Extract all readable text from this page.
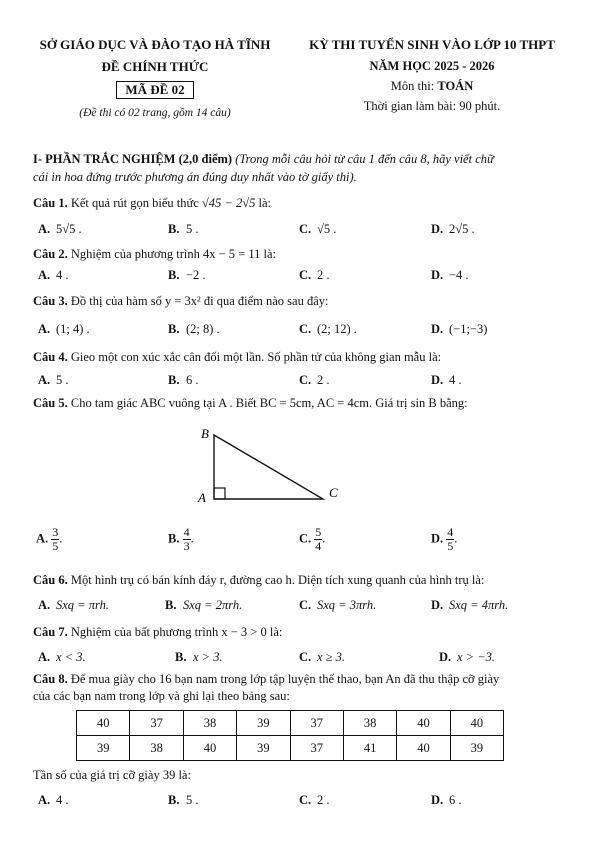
SỞ GIÁO DỤC VÀ ĐÀO TẠO HÀ TĨNH
ĐỀ CHÍNH THỨC
MÃ ĐỀ 02
(Đề thi có 02 trang, gồm 14 câu)
KỲ THI TUYỂN SINH VÀO LỚP 10 THPT
NĂM HỌC 2025 - 2026
Môn thi: TOÁN
Thời gian làm bài: 90 phút.
I- PHẦN TRẮC NGHIỆM (2,0 điểm) (Trong mỗi câu hỏi từ câu 1 đến câu 8, hãy viết chữ
cái in hoa đứng trước phương án đúng duy nhất vào tờ giấy thi).
Câu 1. Kết quả rút gọn biểu thức √45 − 2√5 là:
A. 5√5 .	B. 5 .	C. √5 .	D. 2√5 .
Câu 2. Nghiệm của phương trình 4x − 5 = 11 là:
A. 4 .	B. −2 .	C. 2 .	D. −4 .
Câu 3. Đồ thị của hàm số y = 3x² đi qua điểm nào sau đây:
A. (1; 4) .	B. (2; 8) .	C. (2; 12) .	D. (−1;−3)
Câu 4. Gieo một con xúc xắc cân đối một lần. Số phần tử của không gian mẫu là:
A. 5 .	B. 6 .	C. 2 .	D. 4 .
Câu 5. Cho tam giác ABC vuông tại A . Biết BC = 5cm, AC = 4cm. Giá trị sin B bằng:
B
A	C
A. $\frac{3}{5}$ .	B. $\frac{4}{3}$ .	C. $\frac{5}{4}$ .	D. $\frac{4}{5}$ .
Câu 6. Một hình trụ có bán kính đáy r, đường cao h. Diện tích xung quanh của hình trụ là:
A. Sxq = πrh.	B. Sxq = 2πrh.	C. Sxq = 3πrh.	D. Sxq = 4πrh.
Câu 7. Nghiệm của bất phương trình x − 3 > 0 là:
A. x < 3.	B. x > 3.	C. x ≥ 3.	D. x > −3.
Câu 8. Để mua giày cho 16 bạn nam trong lớp tập luyện thể thao, bạn An đã thu thập cỡ giày
của các bạn nam trong lớp và ghi lại theo bảng sau:
40	37	38	39	37	38	40	40
39	38	40	39	37	41	40	39
Tần số của giá trị cỡ giày 39 là:
A. 4 .	B. 5 .	C. 2 .	D. 6 .
